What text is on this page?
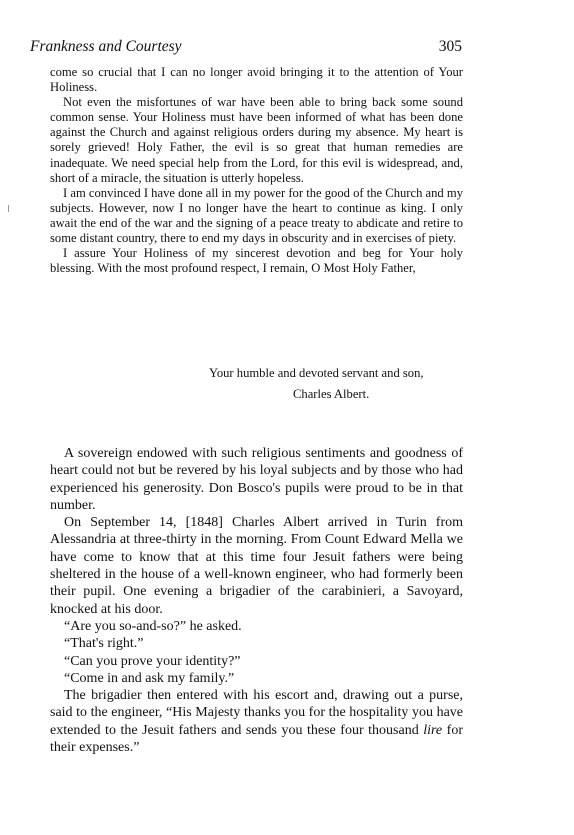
Frankness and Courtesy	305

come so crucial that I can no longer avoid bringing it to the attention of Your Holiness.

Not even the misfortunes of war have been able to bring back some sound common sense. Your Holiness must have been informed of what has been done against the Church and against religious orders during my absence. My heart is sorely grieved! Holy Father, the evil is so great that human remedies are inadequate. We need special help from the Lord, for this evil is widespread, and, short of a miracle, the situation is utterly hopeless.

I am convinced I have done all in my power for the good of the Church and my subjects. However, now I no longer have the heart to continue as king. I only await the end of the war and the signing of a peace treaty to abdicate and retire to some distant country, there to end my days in obscurity and in exercises of piety.

I assure Your Holiness of my sincerest devotion and beg for Your holy blessing. With the most profound respect, I remain, O Most Holy Father,

Your humble and devoted servant and son,
Charles Albert.

A sovereign endowed with such religious sentiments and goodness of heart could not but be revered by his loyal subjects and by those who had experienced his generosity. Don Bosco's pupils were proud to be in that number.

On September 14, [1848] Charles Albert arrived in Turin from Alessandria at three-thirty in the morning. From Count Edward Mella we have come to know that at this time four Jesuit fathers were being sheltered in the house of a well-known engineer, who had formerly been their pupil. One evening a brigadier of the carabinieri, a Savoyard, knocked at his door.

“Are you so-and-so?” he asked.

“That's right.”

“Can you prove your identity?”

“Come in and ask my family.”

The brigadier then entered with his escort and, drawing out a purse, said to the engineer, “His Majesty thanks you for the hospitality you have extended to the Jesuit fathers and sends you these four thousand lire for their expenses.”
